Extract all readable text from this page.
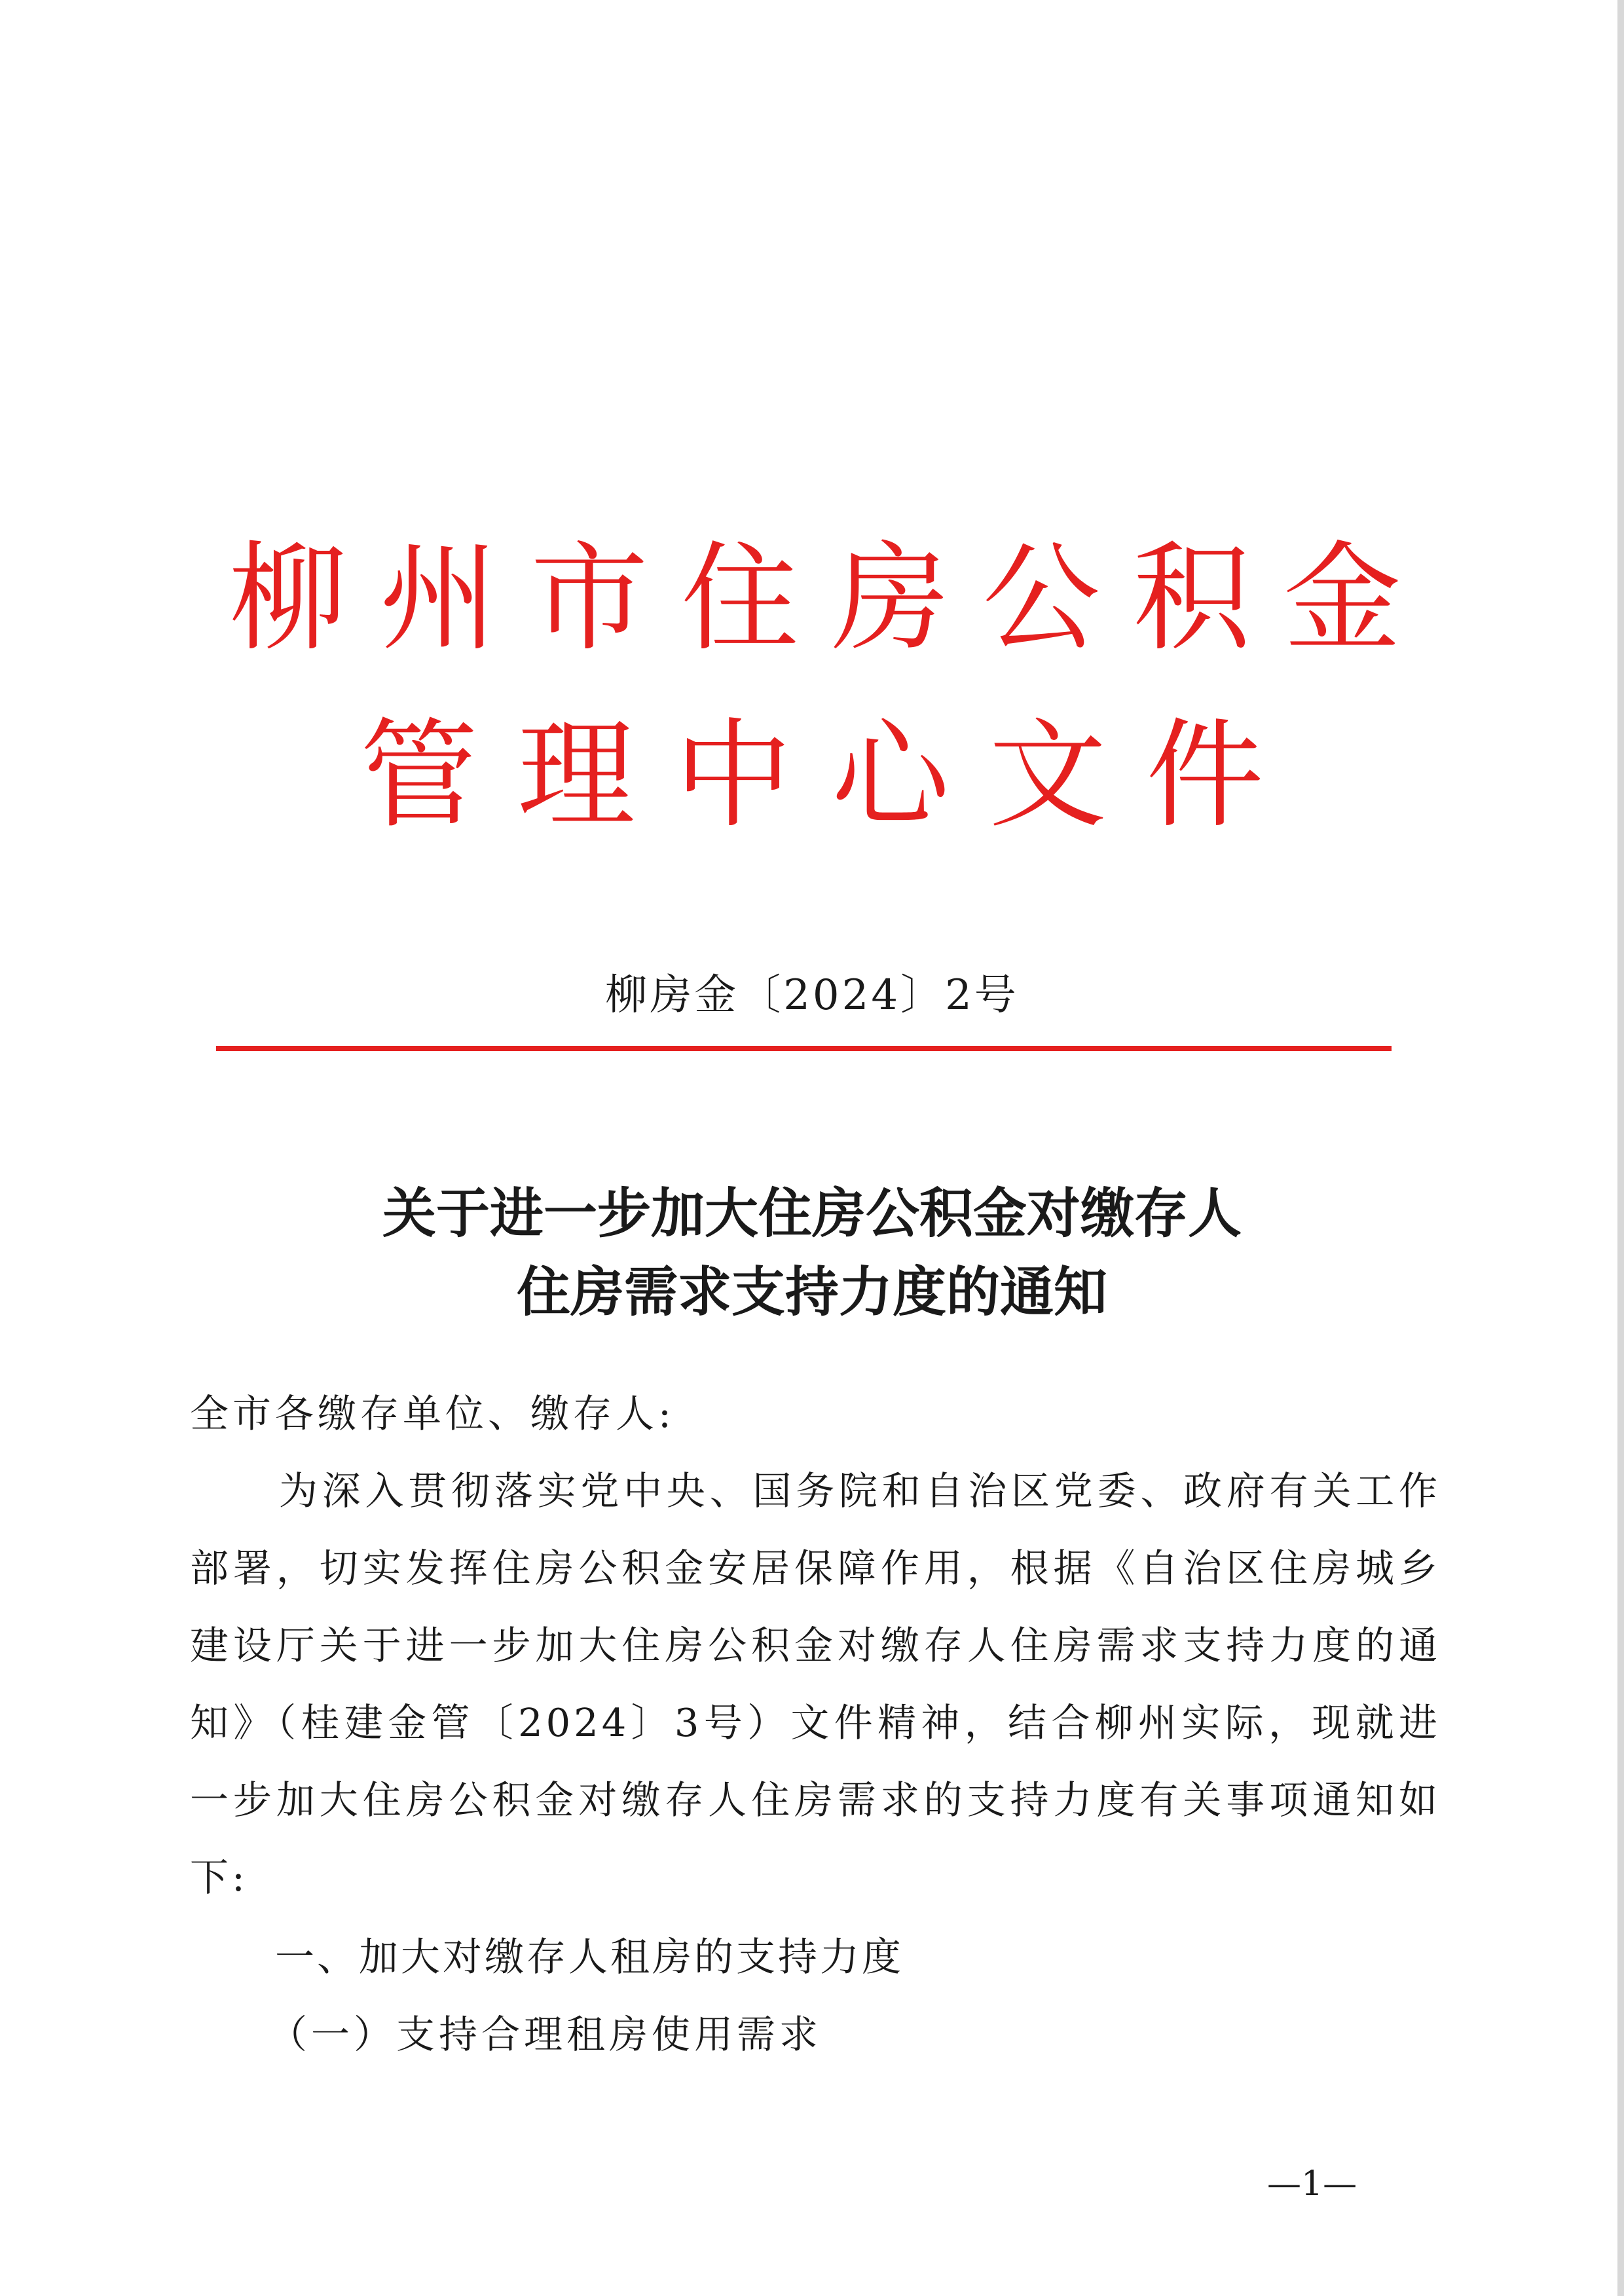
柳州市住房公积金
管理中心文件
柳房金〔2024〕2号
关于进一步加大住房公积金对缴存人
住房需求支持力度的通知

全市各缴存单位、缴存人:

为深入贯彻落实党中央、国务院和自治区党委、政府有关工作部署，切实发挥住房公积金安居保障作用，根据《自治区住房城乡建设厅关于进一步加大住房公积金对缴存人住房需求支持力度的通知》（桂建金管〔2024〕3号）文件精神，结合柳州实际，现就进一步加大住房公积金对缴存人住房需求的支持力度有关事项通知如下:

一、加大对缴存人租房的支持力度

（一）支持合理租房使用需求

—1—
